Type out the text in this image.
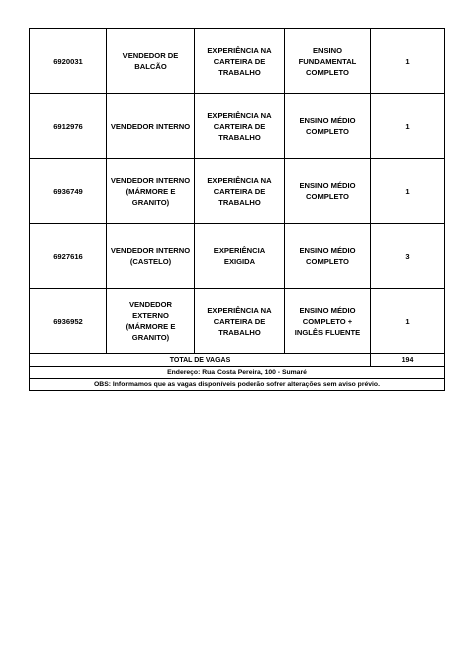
6920031	VENDEDOR DE BALCÃO	EXPERIÊNCIA NA CARTEIRA DE TRABALHO	ENSINO FUNDAMENTAL COMPLETO	1
6912976	VENDEDOR INTERNO	EXPERIÊNCIA NA CARTEIRA DE TRABALHO	ENSINO MÉDIO COMPLETO	1
6936749	VENDEDOR INTERNO (MÁRMORE E GRANITO)	EXPERIÊNCIA NA CARTEIRA DE TRABALHO	ENSINO MÉDIO COMPLETO	1
6927616	VENDEDOR INTERNO (CASTELO)	EXPERIÊNCIA EXIGIDA	ENSINO MÉDIO COMPLETO	3
6936952	VENDEDOR EXTERNO (MÁRMORE E GRANITO)	EXPERIÊNCIA NA CARTEIRA DE TRABALHO	ENSINO MÉDIO COMPLETO + INGLÊS FLUENTE	1
TOTAL DE VAGAS				194
Endereço: Rua Costa Pereira, 100 - Sumaré				
OBS: Informamos que as vagas disponíveis poderão sofrer alterações sem aviso prévio.				
